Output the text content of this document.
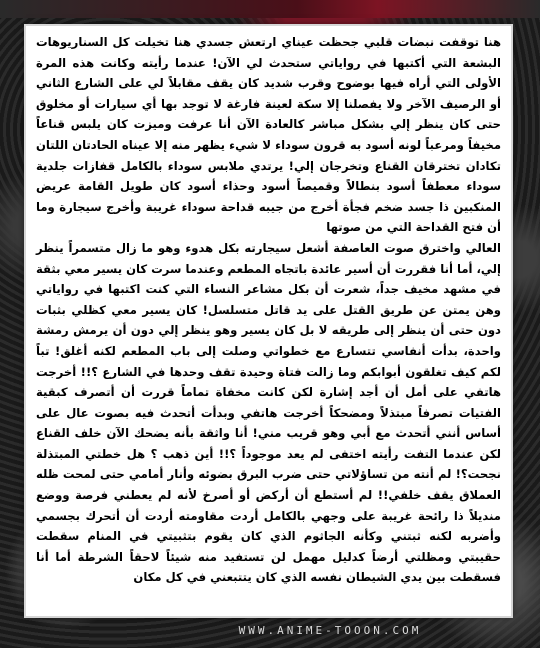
هنا توقفت نبضات قلبي جحظت عيناي ارتعش جسدي هنا تخيلت كل السناريوهات البشعة التي أكتبها في رواياتي ستحدث لي الآن! عندما رأيته وكانت هذه المرة الأولى التي أراه فيها بوضوح وقرب شديد كان يقف مقابلاً لي على الشارع الثاني أو الرصيف الآخر ولا يفصلنا إلا سكة لعينة فارغة لا توجد بها أي سيارات أو مخلوق حتى كان ينظر إلي بشكل مباشر كالعادة الآن أنا عرفت وميزت كان يلبس قناعاً مخيفاً ومرعباً لونه أسود به قرون سوداء لا شيء يظهر منه إلا عيناه الحادتان اللتان تكادان تخترقان القناع وتخرجان إلي! يرتدي ملابس سوداء بالكامل قفازات جلدية سوداء معطفاً أسود بنطالاً وقميصاً أسود وحذاء أسود كان طويل القامة عريض المنكبين ذا جسد ضخم فجأة أخرج من جيبه قداحة سوداء غريبة وأخرج سيجارة وما أن فتح القداحة التي من صوتها
العالي واخترق صوت العاصفة أشعل سيجارته بكل هدوء وهو ما زال متسمراً ينظر إلي، أما أنا فقررت أن أسير عائدة باتجاه المطعم وعندما سرت كان يسير معي بثقة في مشهد مخيف جداً، شعرت أن بكل مشاعر النساء التي كنت اكتبها في رواياتي وهن يمتن عن طريق القتل على يد قاتل متسلسل! كان يسير معي كظلي بثبات دون حتى أن ينظر إلى طريقه لا بل كان يسير وهو ينظر إلي دون أن يرمش رمشة واحدة، بدأت أنفاسي تتسارع مع خطواتي وصلت إلى باب المطعم لكنه أغلق! تباً لكم كيف تغلقون أبوابكم وما زالت فتاة وحيدة تقف وحدها في الشارع ؟!! أخرجت هاتفي على أمل أن أجد إشارة لكن كانت مخفاة تماماً قررت أن أتصرف كبقية الفتيات تصرفاً مبتذلاً ومضحكاً أخرجت هاتفي وبدأت أتحدث فيه بصوت عال على أساس أنني أتحدث مع أبي وهو قريب مني! أنا واثقة بأنه يضحك الآن خلف القناع لكن عندما التفت رأيته اختفى لم يعد موجوداً ؟!! أين ذهب ؟ هل خطتي المبتذلة نجحت؟! لم أنته من تساؤلاتي حتى ضرب البرق بضوئه وأنار أمامي حتى لمحت ظله العملاق يقف خلفي!! لم أستطع أن أركض أو أصرخ لأنه لم يعطني فرصة ووضع منديلاً ذا رائحة غريبة على وجهي بالكامل أردت مقاومته أردت أن أتحرك بجسمي وأضربه لكنه ثبتني وكأنه الجاثوم الذي كان يقوم بتثبيتي في المنام سقطت حقيبتي ومظلتي أرضاً كدليل مهمل لن تستفيد منه شيئاً لاحقاً الشرطة أما أنا فسقطت بين يدي الشيطان نفسه الذي كان يتتبعني في كل مكان

WWW.ANIME-TOOON.COM
